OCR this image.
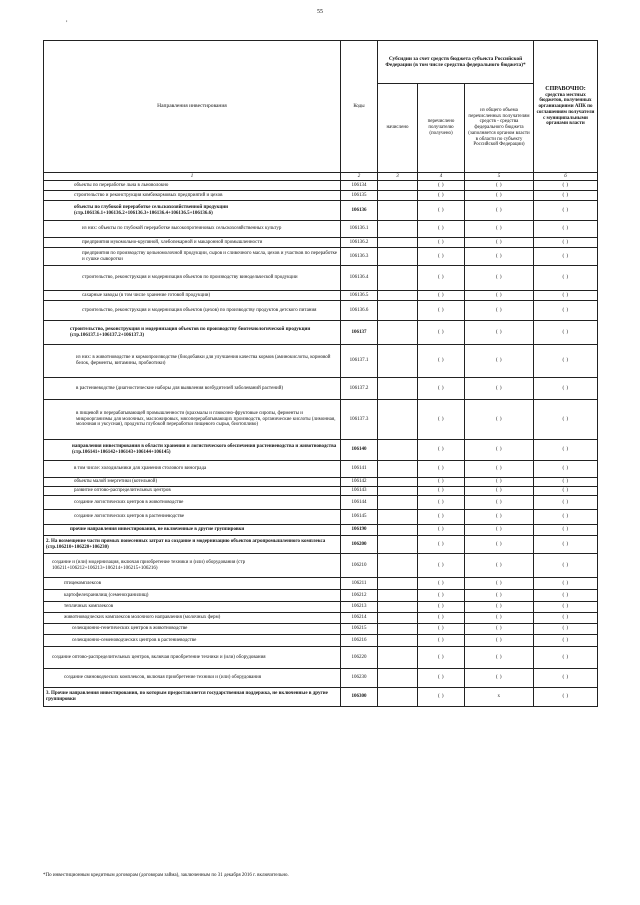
55
,
Направления инвестирования	Коды	Субсидии за счет средств бюджета субъекта Российской Федерации (в том числе средства федерального бюджета)*			СПРАВОЧНО:
средства местных бюджетов, полученных организациями АПК по соглашениям получатели с муниципальными органами власти

		начислено	перечислено получателю (получено)	из общего объема перечисленных получателям средств - средства федерального бюджета (заполняется органом власти в области по субъекту Российской Федерации)	
1	2	3	4	5	6
объекты по переработке льна в льноволокно	106134		( )	( )	( )
строительство и реконструкция комбикормовых предприятий и цехов	106135		( )	( )	( )
объекты по глубокой переработке сельскохозяйственной продукции (стр.106136.1+106136.2+106136.3+106136.4+106136.5+106136.6)	106136		( )	( )	( )
из них: объекты по глубокой переработке высокопротеиновых сельскохозяйственных культур	106136.1		( )	( )	( )
предприятия мукомольно-крупяной, хлебопекарной и макаронной промышленности	106136.2		( )	( )	( )
предприятия по производству цельномолочной продукции, сыров и сливочного масла, цехов и участков по переработке и сушке сыворотки	106136.3		( )	( )	( )
строительство, реконструкция и модернизация объектов по производству винодельческой продукции	106136.4		( )	( )	( )
сахарные заводы (в том числе хранение готовой продукции)	106136.5		( )	( )	( )
строительство, реконструкция и модернизация объектов (цехов) по производству продуктов детского питания	106136.6		( )	( )	( )
строительство, реконструкция и модернизация объектов по производству биотехнологической продукции (стр.106137.1+106137.2+106137.3)	106137		( )	( )	( )
из них: в животноводстве и кормопроизводстве (биодобавки для улучшения качества кормов (аминокислоты, кормовой белок, ферменты, витамины, пробиотики)	106137.1		( )	( )	( )
в растениеводстве (диагностические наборы для выявления возбудителей заболеваний растений)	106137.2		( )	( )	( )
в пищевой и перерабатывающей промышленности (крахмалы и глюкозно-фруктовые сиропы, ферменты и микроорганизмы для молочных, масложировых, мясоперерабатывающих производств, органические кислоты (лимонная, молочная и уксусная), продукты глубокой переработки пищевого сырья, биотопливо)	106137.3		( )	( )	( )
направления инвестирования в области хранения и логистического обеспечения растениеводства и животноводства (стр.106141+106142+106143+106144+106145)	106140		( )	( )	( )
в том числе: холодильники для хранения столового винограда	106141		( )	( )	( )
объекты малой энергетики (котельной)	106142		( )	( )	( )
развитие оптово-распределительных центров	106143		( )	( )	( )
создание логистических центров в животноводстве	106144		( )	( )	( )
создание логистических центров в растениеводстве	106145		( )	( )	( )
прочие направления инвестирования, не включенные в другие группировки	106190		( )	( )	( )
2. На возмещение части прямых понесенных затрат на создание и модернизацию объектов агропромышленного комплекса (стр.106210+106220+106230)	106200		( )	( )	( )
создание и (или) модернизация, включая приобретение техники и (или) оборудования (стр 106211+106212+106213+106214+106215+106216)	106210		( )	( )	( )
птицекомплексов	106211		( )	( )	( )
картофелехранилищ (семенохранилищ)	106212		( )	( )	( )
тепличных комплексов	106213		( )	( )	( )
животноводческих комплексов молочного направления (молочных ферм)	106214		( )	( )	( )
селекционно-генетических центров в животноводстве	106215		( )	( )	( )
селекционно-семеноводческих центров в растениеводстве	106216		( )	( )	( )
создание оптово-распределительных центров, включая приобретение техники и (или) оборудования	106220		( )	( )	( )
создание свиноводческих комплексов, включая приобретение техники и (или) оборудования	106230		( )	( )	( )
3. Прочие направления инвестирования, по которым предоставляется государственная поддержка, не включенные в другие группировки	106300		( )	x	( )
*По инвестиционным кредитным договорам (договорам займа), заключенным по 31 декабря 2016 г. включительно.
